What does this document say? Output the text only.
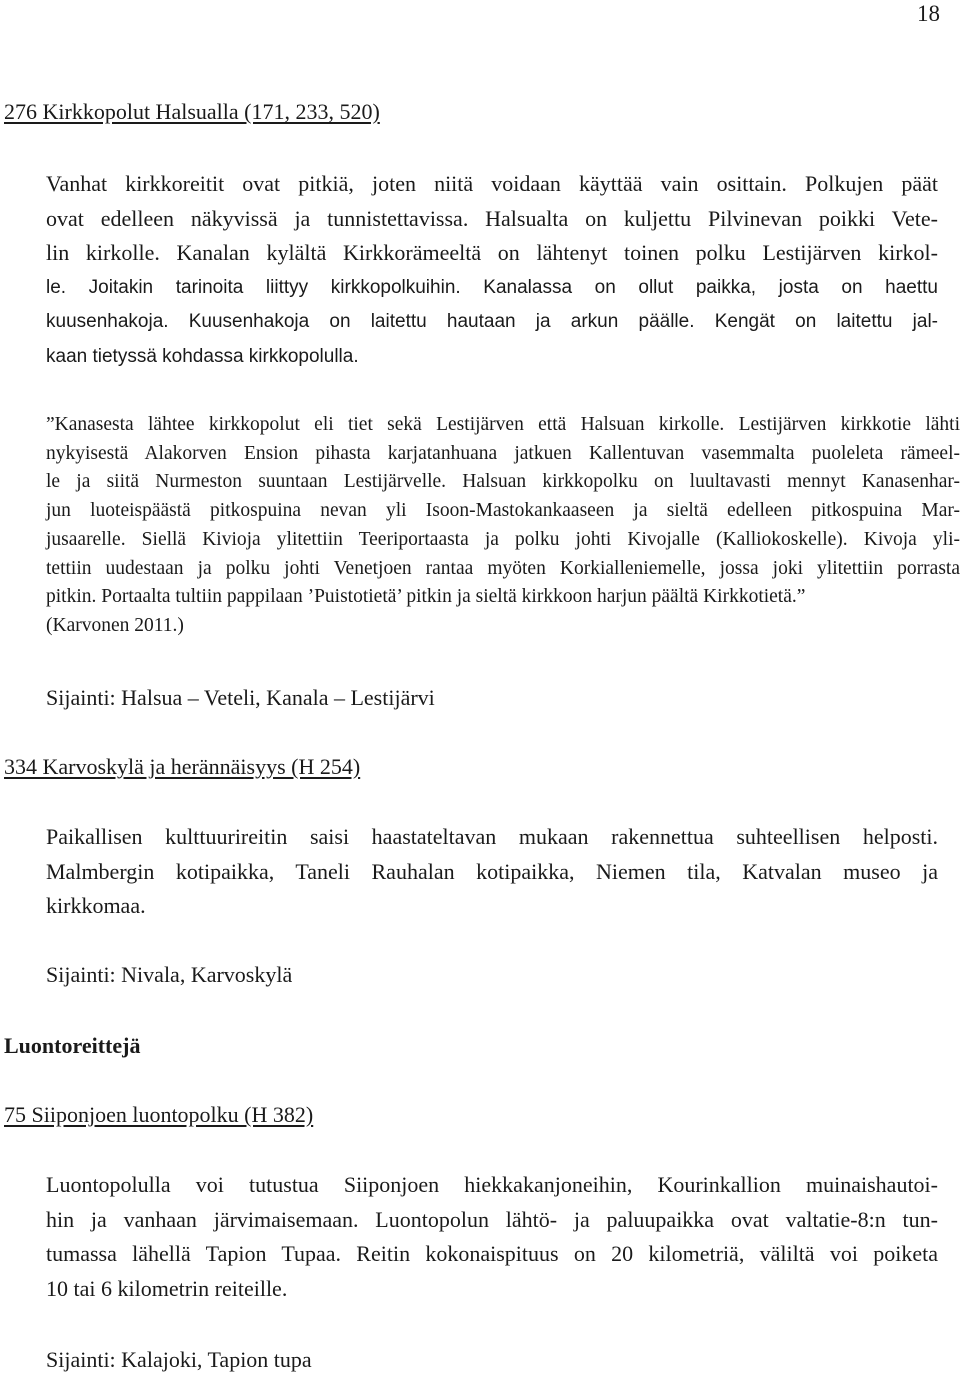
18
276 Kirkkopolut Halsualla (171, 233, 520)
Vanhat kirkkoreitit ovat pitkiä, joten niitä voidaan käyttää vain osittain. Polkujen päät
ovat edelleen näkyvissä ja tunnistettavissa. Halsualta on kuljettu Pilvinevan poikki Vete-
lin kirkolle. Kanalan kylältä Kirkkorämeeltä on lähtenyt toinen polku Lestijärven kirkol-
le. Joitakin tarinoita liittyy kirkkopolkuihin. Kanalassa on ollut paikka, josta on haettu
kuusenhakoja. Kuusenhakoja on laitettu hautaan ja arkun päälle. Kengät on laitettu jal-
kaan tietyssä kohdassa kirkkopolulla.
”Kanasesta lähtee kirkkopolut eli tiet sekä Lestijärven että Halsuan kirkolle. Lestijärven kirkkotie lähti
nykyisestä Alakorven Ension pihasta karjatanhuana jatkuen Kallentuvan vasemmalta puoleleta rämeel-
le ja siitä Nurmeston suuntaan Lestijärvelle. Halsuan kirkkopolku on luultavasti mennyt Kanasenhar-
jun luoteispäästä pitkospuina nevan yli Isoon-Mastokankaaseen ja sieltä edelleen pitkospuina Mar-
jusaarelle. Siellä Kivioja ylitettiin Teeriportaasta ja polku johti Kivojalle (Kalliokoskelle). Kivoja yli-
tettiin uudestaan ja polku johti Venetjoen rantaa myöten Korkialleniemelle, jossa joki ylitettiin porrasta
pitkin. Portaalta tultiin pappilaan ’Puistotietä’ pitkin ja sieltä kirkkoon harjun päältä Kirkkotietä.”
(Karvonen 2011.)
Sijainti: Halsua – Veteli, Kanala – Lestijärvi
334 Karvoskylä ja herännäisyys (H 254)
Paikallisen kulttuurireitin saisi haastateltavan mukaan rakennettua suhteellisen helposti.
Malmbergin kotipaikka, Taneli Rauhalan kotipaikka, Niemen tila, Katvalan museo ja
kirkkomaa.
Sijainti: Nivala, Karvoskylä
Luontoreittejä
75 Siiponjoen luontopolku (H 382)
Luontopolulla voi tutustua Siiponjoen hiekkakanjoneihin, Kourinkallion muinaishautoi-
hin ja vanhaan järvimaisemaan. Luontopolun lähtö- ja paluupaikka ovat valtatie-8:n tun-
tumassa lähellä Tapion Tupaa. Reitin kokonaispituus on 20 kilometriä, väliltä voi poiketa
10 tai 6 kilometrin reiteille.
Sijainti: Kalajoki, Tapion tupa
